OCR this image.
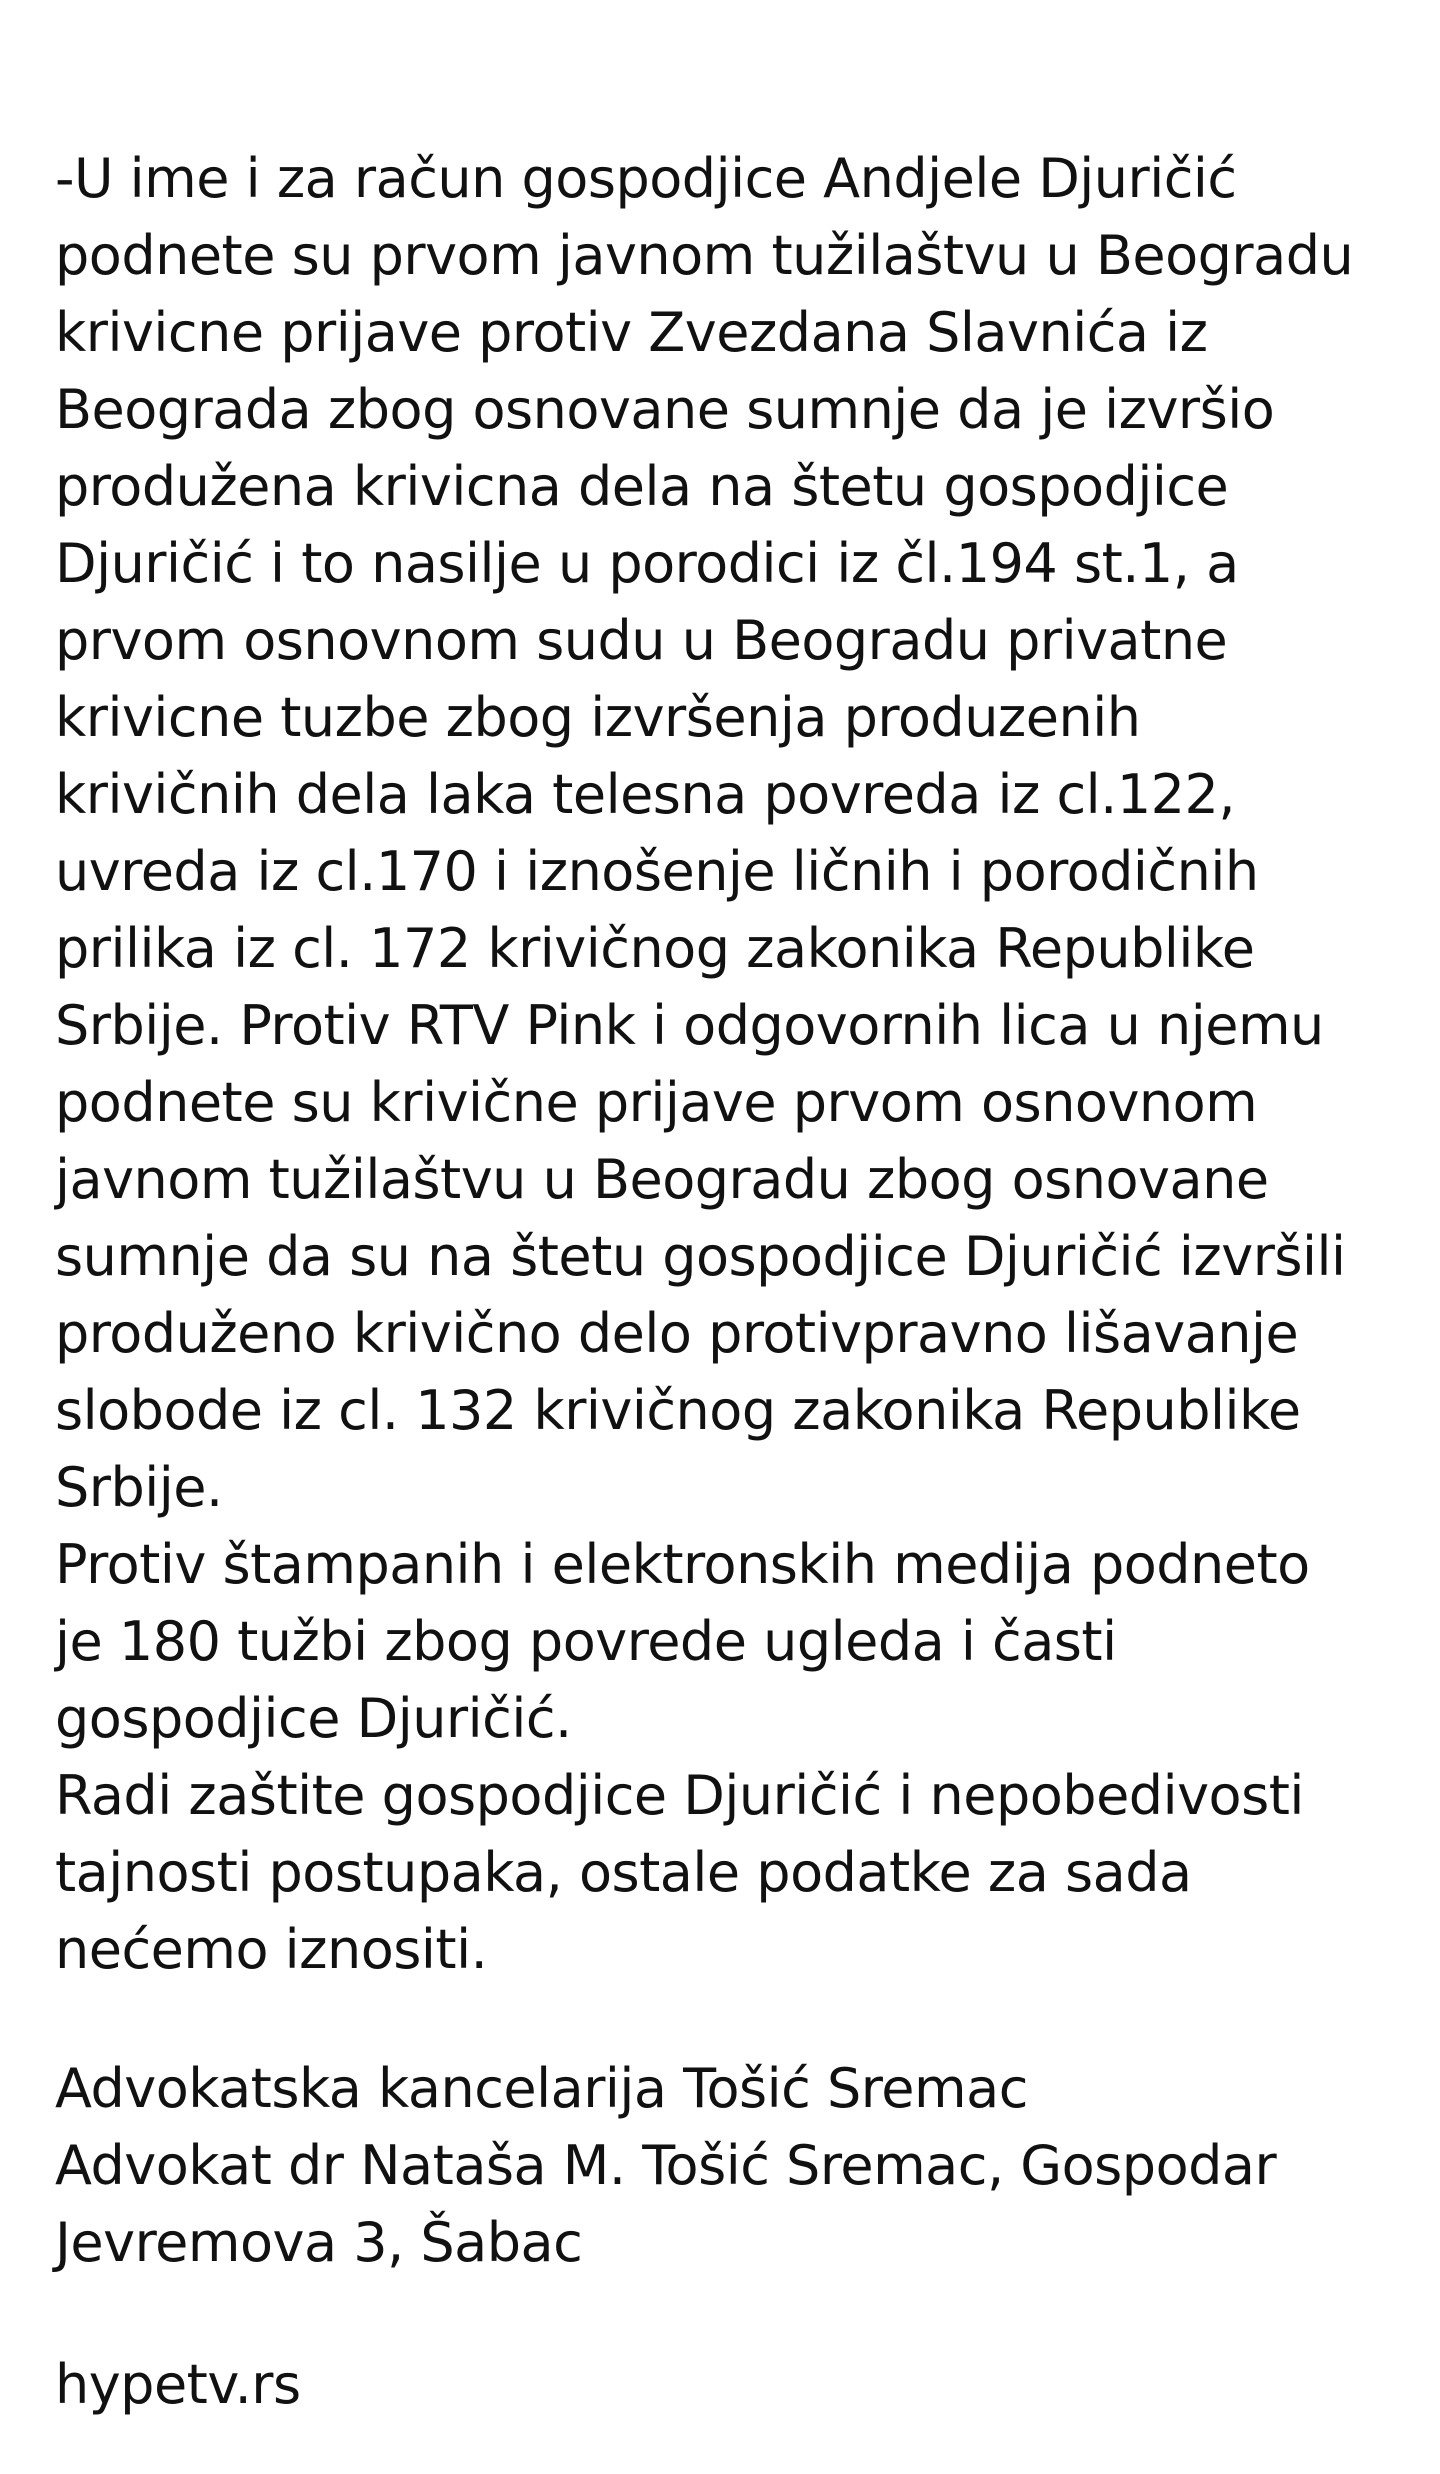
-U ime i za račun gospodjice Andjele Djuričić
podnete su prvom javnom tužilaštvu u Beogradu
krivicne prijave protiv Zvezdana Slavnića iz
Beograda zbog osnovane sumnje da je izvršio
produžena krivicna dela na štetu gospodjice
Djuričić i to nasilje u porodici iz čl.194 st.1, a
prvom osnovnom sudu u Beogradu privatne
krivicne tuzbe zbog izvršenja produzenih
krivičnih dela laka telesna povreda iz cl.122,
uvreda iz cl.170 i iznošenje ličnih i porodičnih
prilika iz cl. 172 krivičnog zakonika Republike
Srbije. Protiv RTV Pink i odgovornih lica u njemu
podnete su krivične prijave prvom osnovnom
javnom tužilaštvu u Beogradu zbog osnovane
sumnje da su na štetu gospodjice Djuričić izvršili
produženo krivično delo protivpravno lišavanje
slobode iz cl. 132 krivičnog zakonika Republike
Srbije.
Protiv štampanih i elektronskih medija podneto
je 180 tužbi zbog povrede ugleda i časti
gospodjice Djuričić.
Radi zaštite gospodjice Djuričić i nepobedivosti
tajnosti postupaka, ostale podatke za sada
nećemo iznositi.
Advokatska kancelarija Tošić Sremac
Advokat dr Nataša M. Tošić Sremac, Gospodar
Jevremova 3, Šabac
hypetv.rs
